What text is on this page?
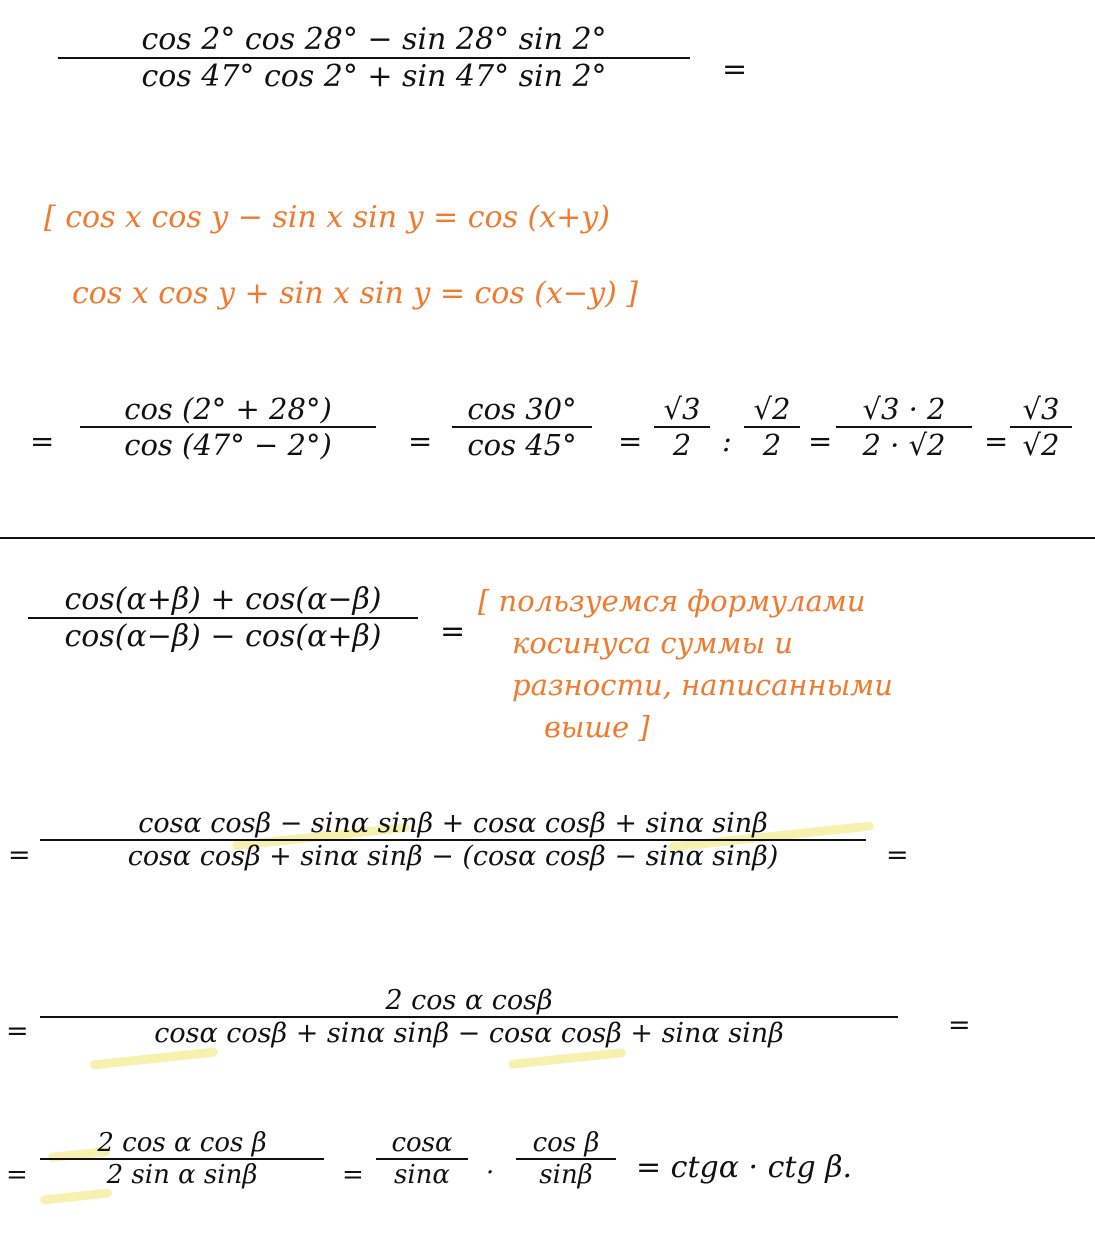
cos 2° cos 28° − sin 28° sin 2°
cos 47° cos 2° + sin 47° sin 2°	=
[ cos x cos y − sin x sin y = cos (x+y)
cos x cos y + sin x sin y = cos (x−y) ]
=
cos (2° + 28°)
cos (47° − 2°)	=
cos 30°
cos 45° =
√3
2 :
√2
2 =
√3 · 2
2 · √2 =
√3
√2
cos(α+β) + cos(α−β)
cos(α−β) − cos(α+β) =
[ пользуемся формулами
косинуса суммы и
разности, написанными
выше ]
=
cosα cosβ − sinα sinβ + cosα cosβ + sinα sinβ
cosα cosβ + sinα sinβ − (cosα cosβ − sinα sinβ)	=
=
2 cos α cosβ
cosα cosβ + sinα sinβ − cosα cosβ + sinα sinβ	=
=
2 cos α cos β
2 sin α sinβ	=
cosα
sinα ·
cos β
sinβ = ctgα · ctg β.
